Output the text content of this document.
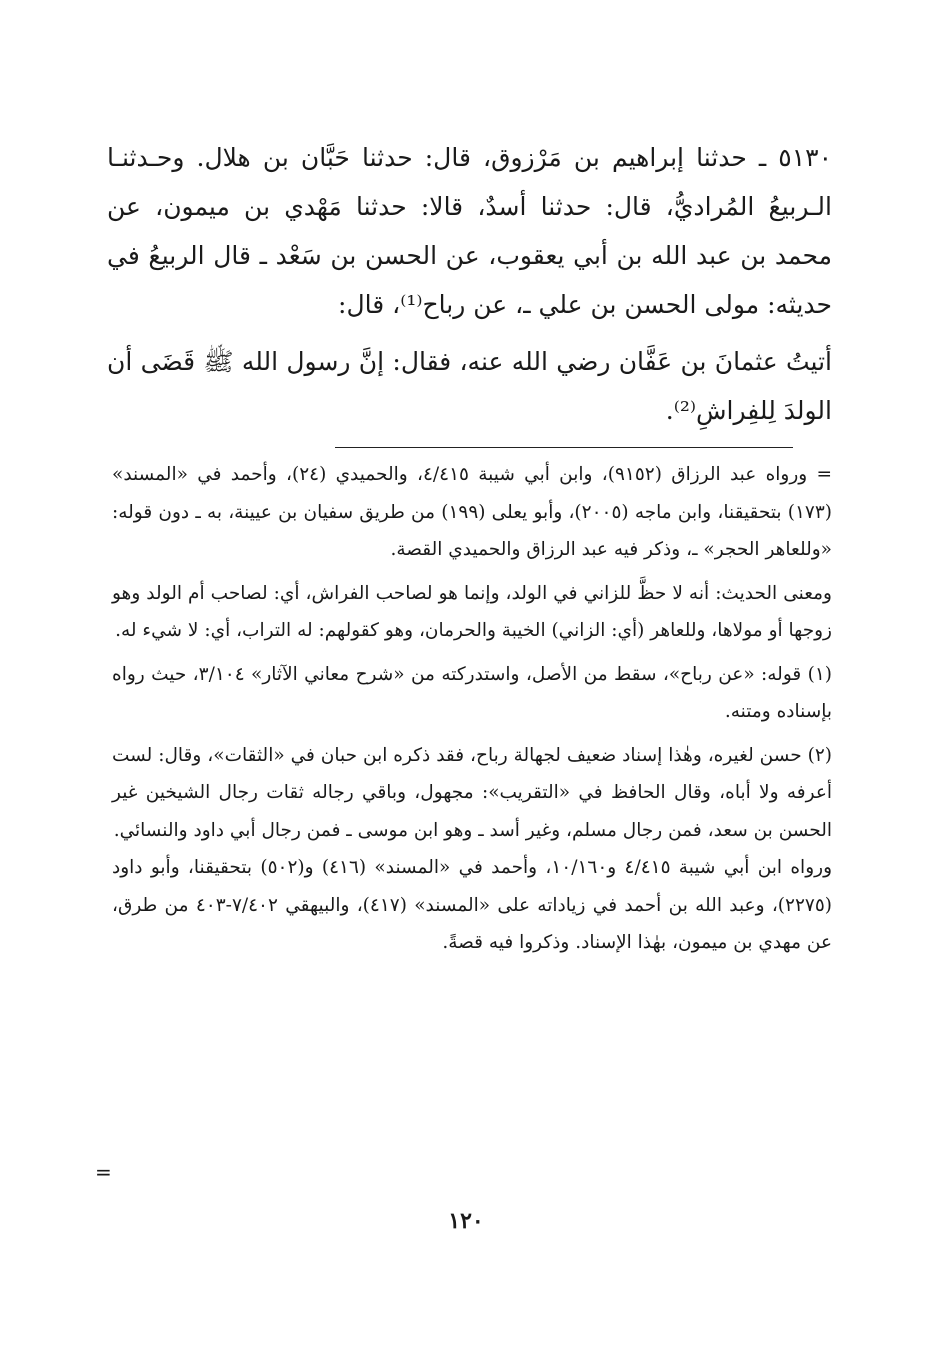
٥١٣٠ ـ حدثنا إبراهيم بن مَرْزوق، قال: حدثنا حَبَّان بن هلال. وحـدثنـا الـربيعُ المُراديُّ، قال: حدثنا أسدٌ، قالا: حدثنا مَهْدي بن ميمون، عن محمد بن عبد الله بن أبي يعقوب، عن الحسن بن سَعْد ـ قال الربيعُ في حديثه: مولى الحسن بن علي ـ، عن رباح⁽¹⁾، قال:

أتيتُ عثمانَ بن عَفَّان رضي الله عنه، فقال: إنَّ رسول الله ﷺ قَضَى أن الولدَ لِلفِراشِ⁽²⁾.

= ورواه عبد الرزاق (٩١٥٢)، وابن أبي شيبة ٤/٤١٥، والحميدي (٢٤)، وأحمد في «المسند» (١٧٣) بتحقيقنا، وابن ماجه (٢٠٠٥)، وأبو يعلى (١٩٩) من طريق سفيان بن عيينة، به ـ دون قوله: «وللعاهر الحجر» ـ، وذكر فيه عبد الرزاق والحميدي القصة.

ومعنى الحديث: أنه لا حظَّ للزاني في الولد، وإنما هو لصاحب الفراش، أي: لصاحب أم الولد وهو زوجها أو مولاها، وللعاهر (أي: الزاني) الخيبة والحرمان، وهو كقولهم: له التراب، أي: لا شيء له.

(١) قوله: «عن رباح»، سقط من الأصل، واستدركته من «شرح معاني الآثار» ٣/١٠٤، حيث رواه بإسناده ومتنه.

(٢) حسن لغيره، وهٰذا إسناد ضعيف لجهالة رباح، فقد ذكره ابن حبان في «الثقات»، وقال: لست أعرفه ولا أباه، وقال الحافظ في «التقريب»: مجهول، وباقي رجاله ثقات رجال الشيخين غير الحسن بن سعد، فمن رجال مسلم، وغير أسد ـ وهو ابن موسى ـ فمن رجال أبي داود والنسائي.

ورواه ابن أبي شيبة ٤/٤١٥ و١٠/١٦٠، وأحمد في «المسند» (٤١٦) و(٥٠٢) بتحقيقنا، وأبو داود (٢٢٧٥)، وعبد الله بن أحمد في زياداته على «المسند» (٤١٧)، والبيهقي ٧/٤٠٢-٤٠٣ من طرق، عن مهدي بن ميمون، بهٰذا الإسناد. وذكروا فيه قصةً.

=
١٢٠
